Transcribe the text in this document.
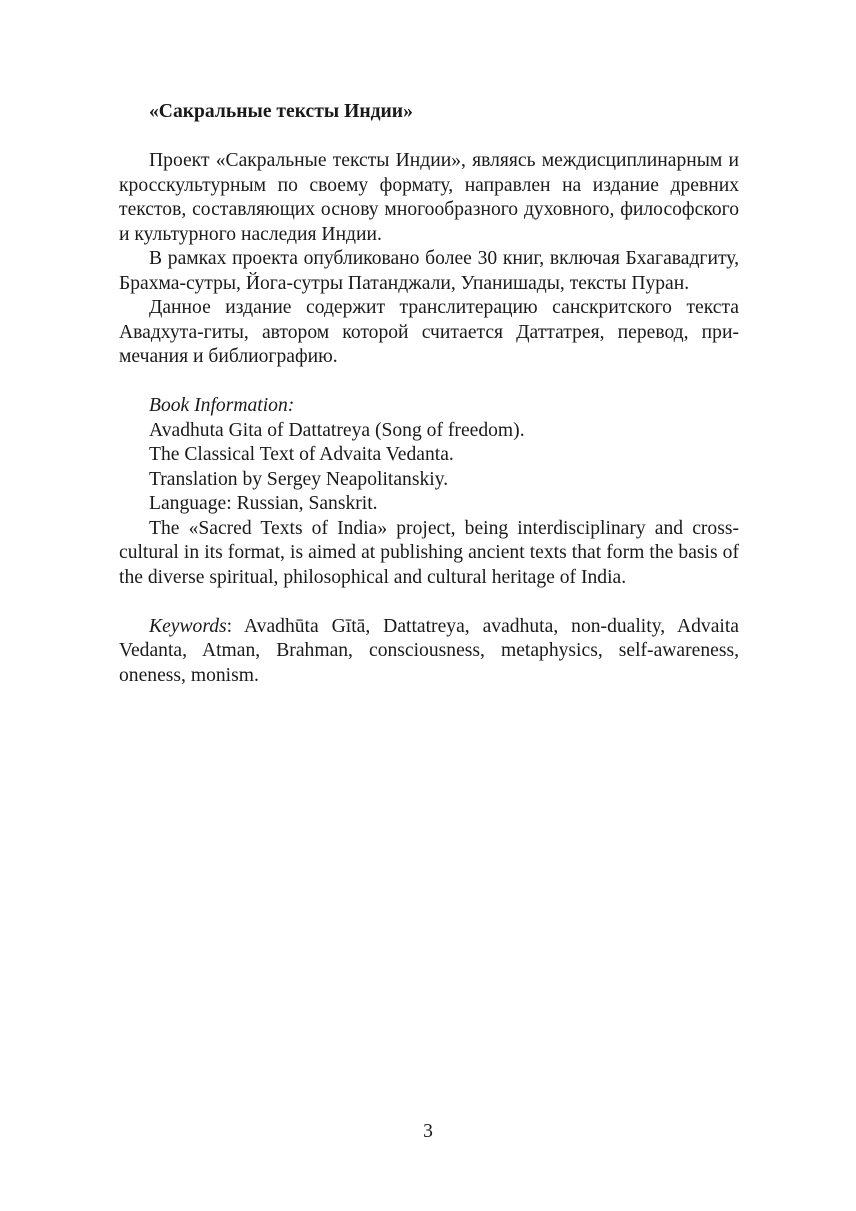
«Сакральные тексты Индии»

Проект «Сакральные тексты Индии», являясь междисциплинарным и кросскультурным по своему формату, направлен на издание древних текстов, составляющих основу многообразного духовного, философского и культурного наследия Индии.

В рамках проекта опубликовано более 30 книг, включая Бхагавадгиту, Брахма-сутры, Йога-сутры Патанджали, Упанишады, тексты Пуран.

Данное издание содержит транслитерацию санскритского текста Авадхута-гиты, автором которой считается Даттатрея, перевод, примечания и библиографию.

Book Information:

Avadhuta Gita of Dattatreya (Song of freedom).

The Classical Text of Advaita Vedanta.

Translation by Sergey Neapolitanskiy.

Language: Russian, Sanskrit.

The «Sacred Texts of India» project, being interdisciplinary and crosscultural in its format, is aimed at publishing ancient texts that form the basis of the diverse spiritual, philosophical and cultural heritage of India.

Keywords: Avadhūta Gītā, Dattatreya, avadhuta, non-duality, Advaita Vedanta, Atman, Brahman, consciousness, metaphysics, self-awareness, oneness, monism.

3
